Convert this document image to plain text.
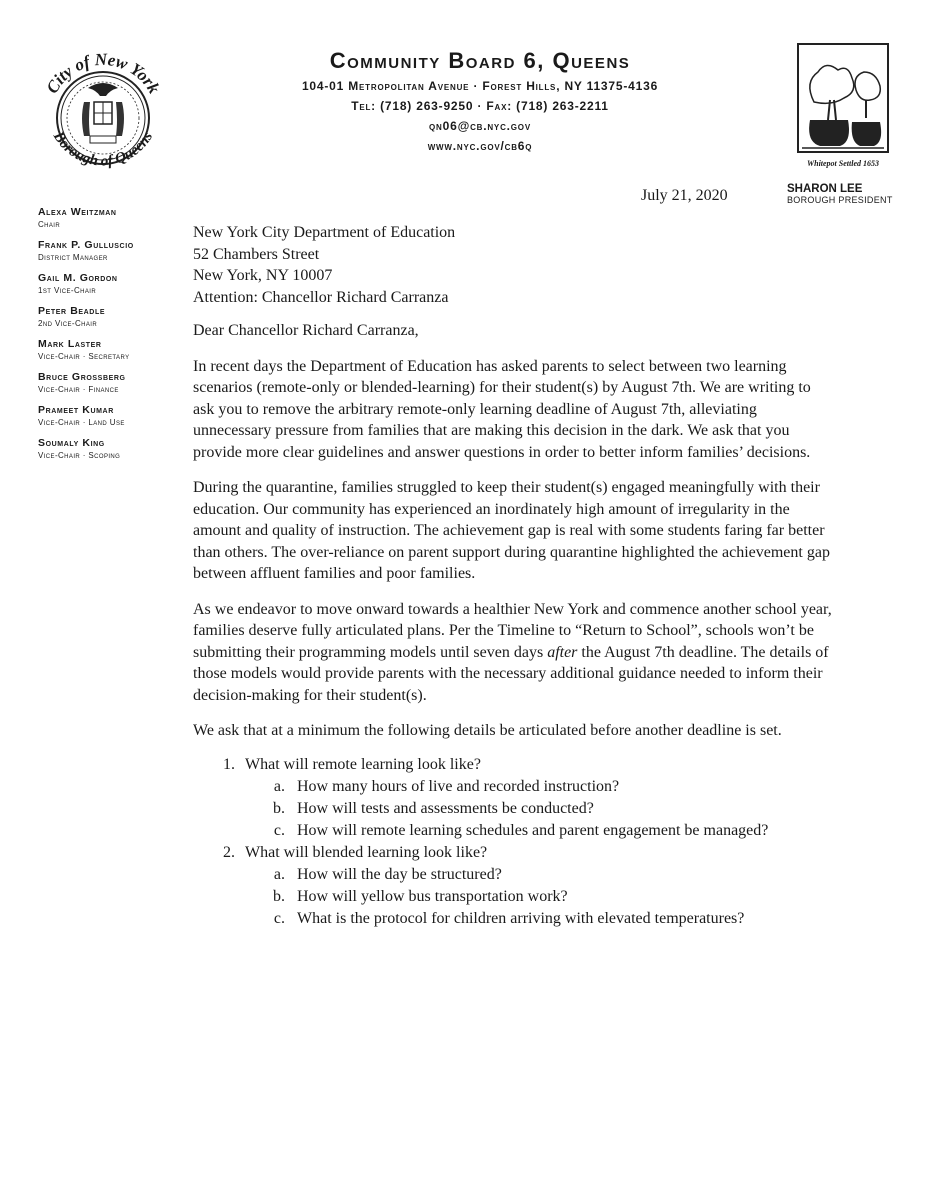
City of New York
Borough of Queens
Community Board 6, Queens
104-01 Metropolitan Avenue · Forest Hills, NY 11375-4136
Tel: (718) 263-9250 · Fax: (718) 263-2211
qn06@cb.nyc.gov
www.nyc.gov/cb6q
Whitepot Settled 1653
July 21, 2020	SHARON LEE
BOROUGH PRESIDENT
Alexa Weitzman
Chair
Frank P. Gulluscio
District Manager
Gail M. Gordon
1st Vice-Chair
Peter Beadle
2nd Vice-Chair
Mark Laster
Vice-Chair · Secretary
Bruce Grossberg
Vice-Chair · Finance
Prameet Kumar
Vice-Chair · Land Use
Soumaly King
Vice-Chair · Scoping

New York City Department of Education

52 Chambers Street

New York, NY 10007

Attention: Chancellor Richard Carranza

Dear Chancellor Richard Carranza,

In recent days the Department of Education has asked parents to select between two learning scenarios (remote-only or blended-learning) for their student(s) by August 7th. We are writing to ask you to remove the arbitrary remote-only learning deadline of August 7th, alleviating unnecessary pressure from families that are making this decision in the dark. We ask that you provide more clear guidelines and answer questions in order to better inform families’ decisions.

During the quarantine, families struggled to keep their student(s) engaged meaningfully with their education. Our community has experienced an inordinately high amount of irregularity in the amount and quality of instruction. The achievement gap is real with some students faring far better than others. The over-reliance on parent support during quarantine highlighted the achievement gap between affluent families and poor families.

As we endeavor to move onward towards a healthier New York and commence another school year, families deserve fully articulated plans. Per the Timeline to “Return to School”, schools won’t be submitting their programming models until seven days after the August 7th deadline. The details of those models would provide parents with the necessary additional guidance needed to inform their decision-making for their student(s).

We ask that at a minimum the following details be articulated before another deadline is set.

1. What will remote learning look like?
a. How many hours of live and recorded instruction?
b. How will tests and assessments be conducted?
c. How will remote learning schedules and parent engagement be managed?
2. What will blended learning look like?
a. How will the day be structured?
b. How will yellow bus transportation work?
c. What is the protocol for children arriving with elevated temperatures?
